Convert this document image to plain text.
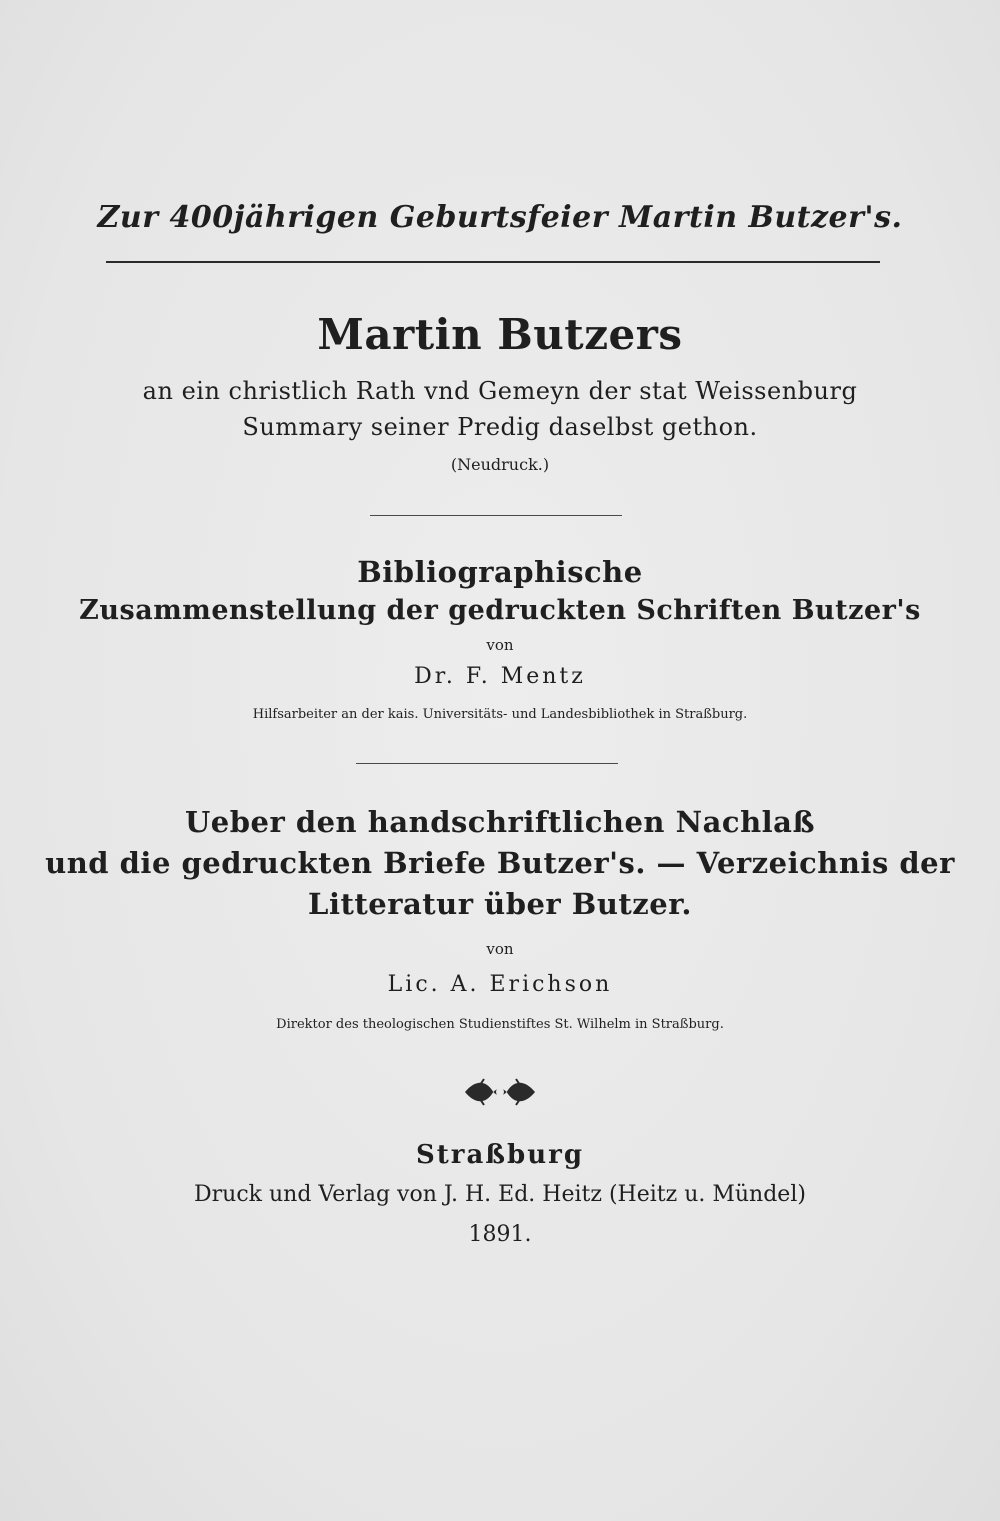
Zur 400jährigen Geburtsfeier Martin Butzer's.
Martin Butzers
an ein christlich Rath vnd Gemeyn der stat Weissenburg
Summary seiner Predig daselbst gethon.
(Neudruck.)
Bibliographische
Zusammenstellung der gedruckten Schriften Butzer's
von
Dr. F. Mentz
Hilfsarbeiter an der kais. Universitäts- und Landesbibliothek in Straßburg.
Ueber den handschriftlichen Nachlaß
und die gedruckten Briefe Butzer's. — Verzeichnis der
Litteratur über Butzer.
von
Lic. A. Erichson
Direktor des theologischen Studienstiftes St. Wilhelm in Straßburg.
Straßburg
Druck und Verlag von J. H. Ed. Heitz (Heitz u. Mündel)
1891.
